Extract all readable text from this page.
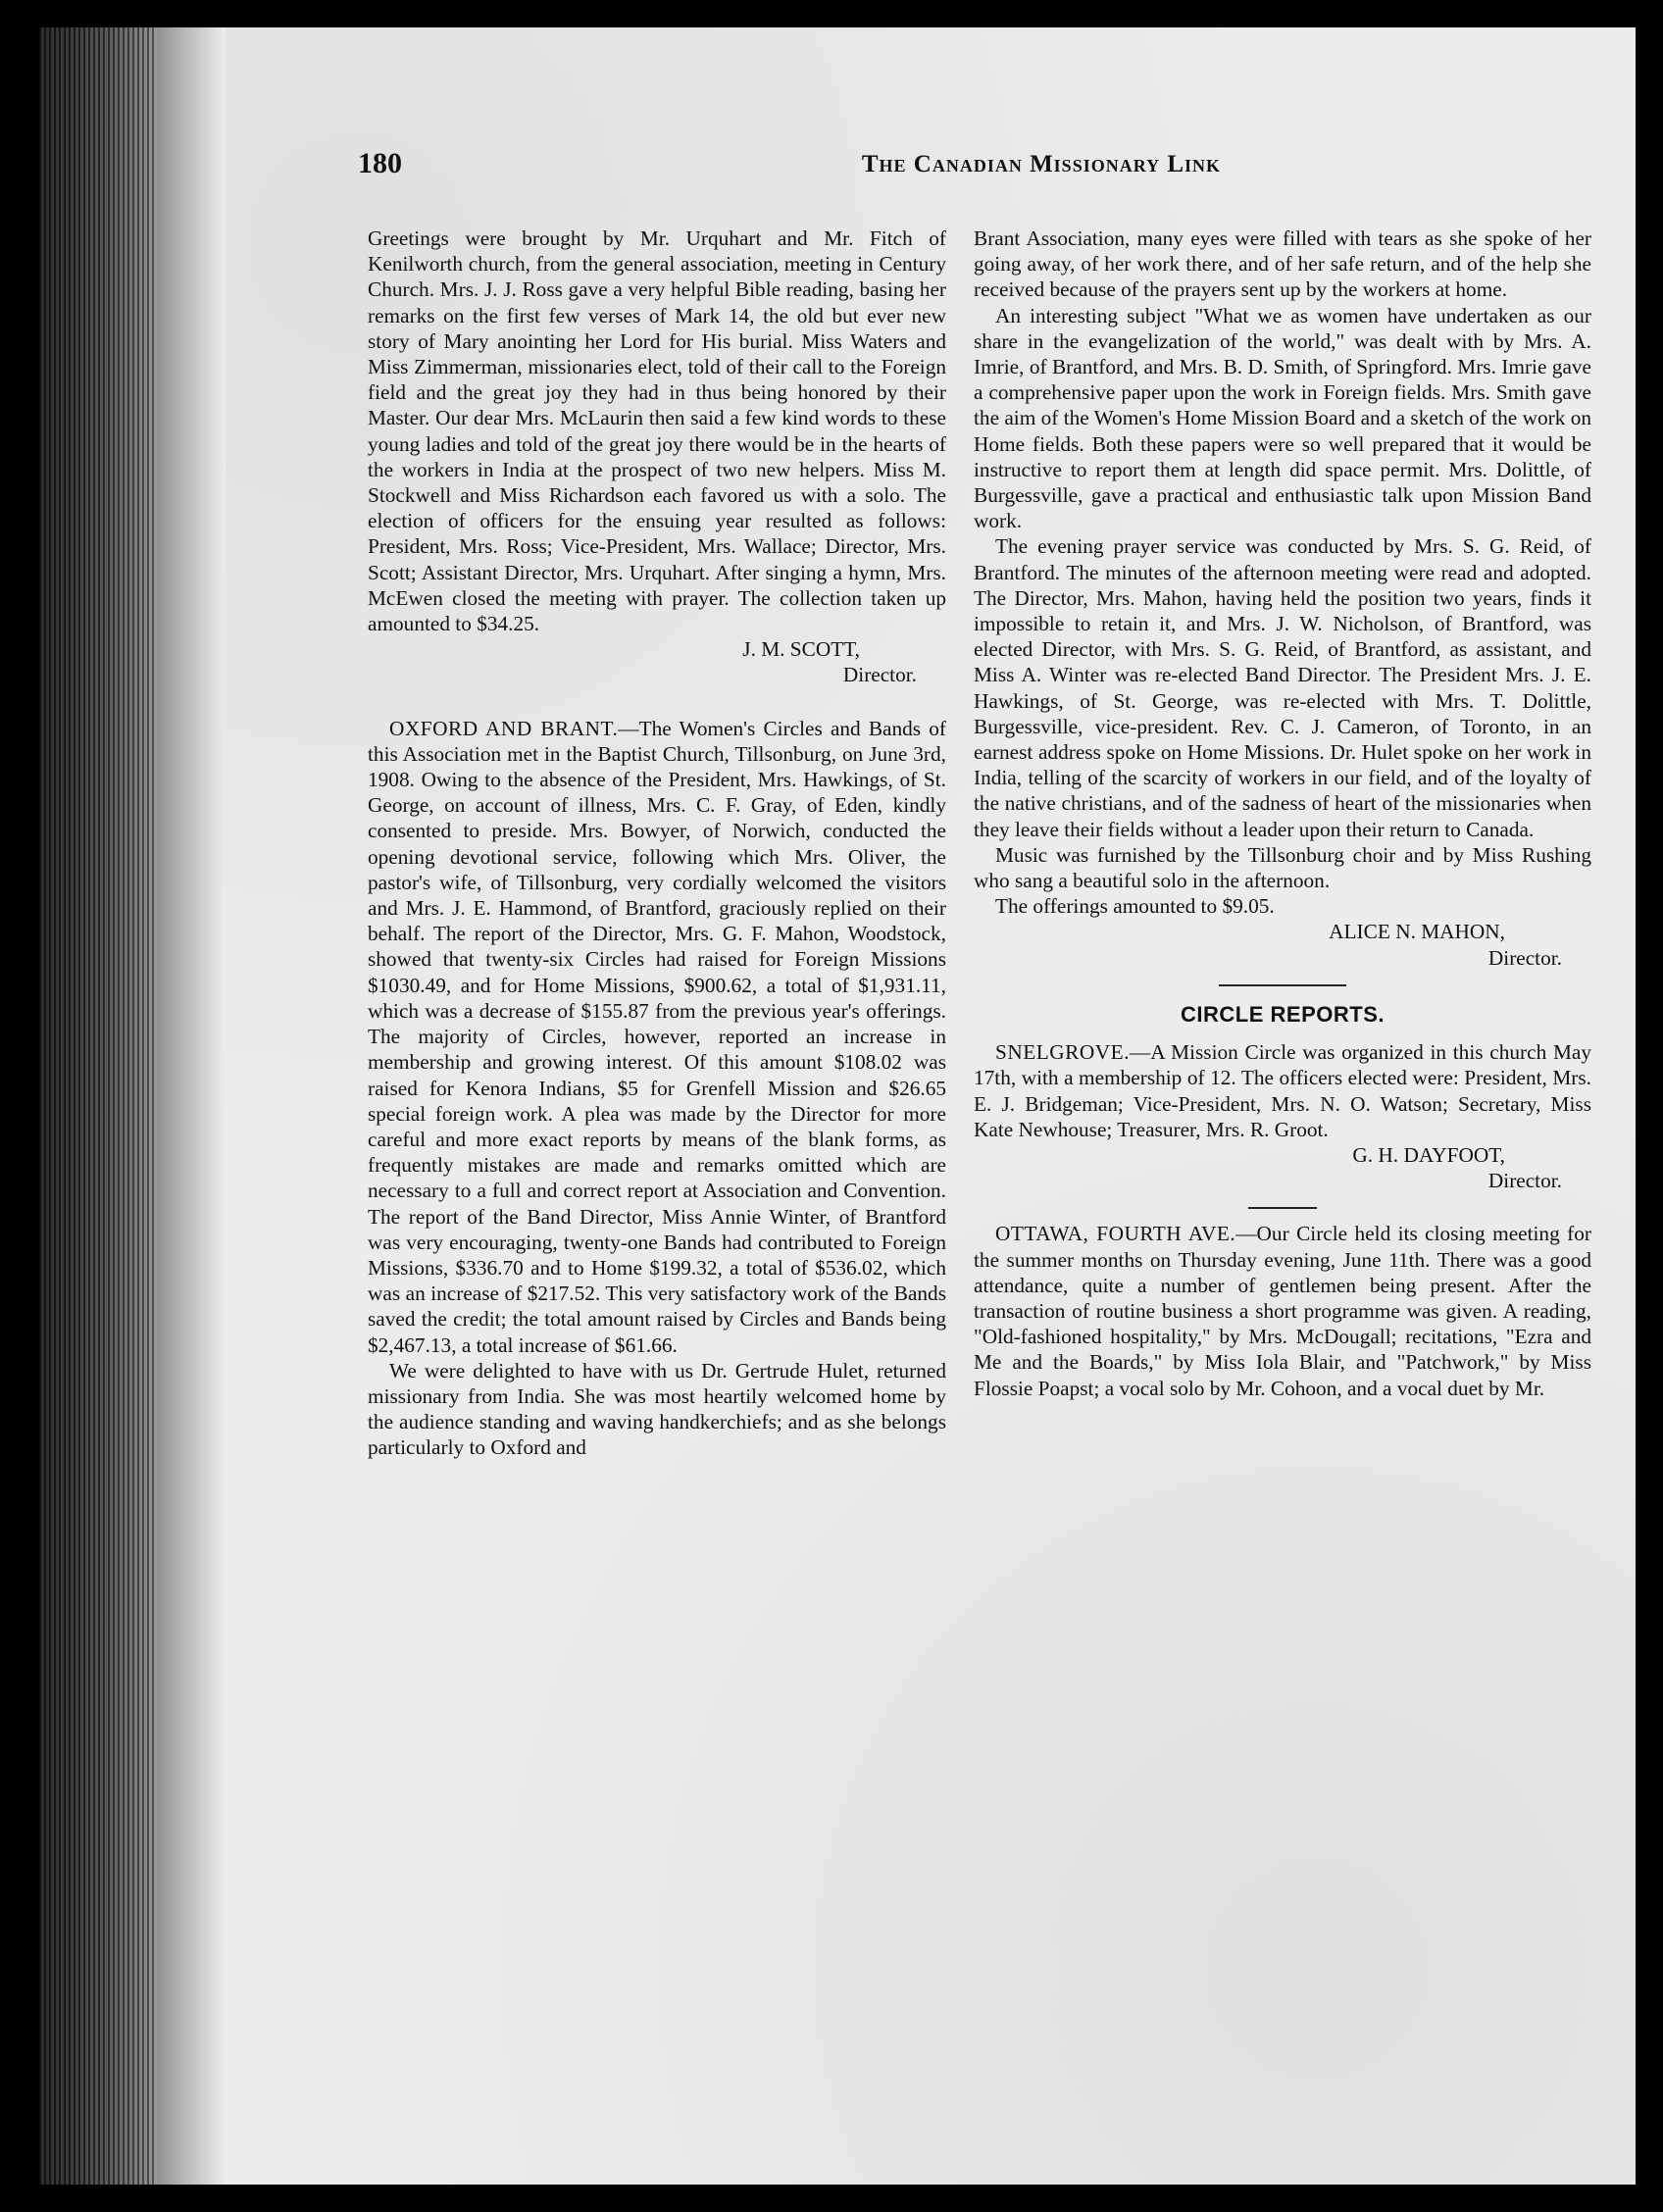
180	The Canadian Missionary Link

Greetings were brought by Mr. Urquhart and Mr. Fitch of Kenilworth church, from the general association, meeting in Century Church. Mrs. J. J. Ross gave a very helpful Bible reading, basing her remarks on the first few verses of Mark 14, the old but ever new story of Mary anointing her Lord for His burial. Miss Waters and Miss Zimmerman, missionaries elect, told of their call to the Foreign field and the great joy they had in thus being honored by their Master. Our dear Mrs. McLaurin then said a few kind words to these young ladies and told of the great joy there would be in the hearts of the workers in India at the prospect of two new helpers. Miss M. Stockwell and Miss Richardson each favored us with a solo. The election of officers for the ensuing year resulted as follows: President, Mrs. Ross; Vice-President, Mrs. Wallace; Director, Mrs. Scott; Assistant Director, Mrs. Urquhart. After singing a hymn, Mrs. McEwen closed the meeting with prayer. The collection taken up amounted to $34.25.

J. M. SCOTT,

Director.

OXFORD AND BRANT.—The Women's Circles and Bands of this Association met in the Baptist Church, Tillsonburg, on June 3rd, 1908. Owing to the absence of the President, Mrs. Hawkings, of St. George, on account of illness, Mrs. C. F. Gray, of Eden, kindly consented to preside. Mrs. Bowyer, of Norwich, conducted the opening devotional service, following which Mrs. Oliver, the pastor's wife, of Tillsonburg, very cordially welcomed the visitors and Mrs. J. E. Hammond, of Brantford, graciously replied on their behalf. The report of the Director, Mrs. G. F. Mahon, Woodstock, showed that twenty-six Circles had raised for Foreign Missions $1030.49, and for Home Missions, $900.62, a total of $1,931.11, which was a decrease of $155.87 from the previous year's offerings. The majority of Circles, however, reported an increase in membership and growing interest. Of this amount $108.02 was raised for Kenora Indians, $5 for Grenfell Mission and $26.65 special foreign work. A plea was made by the Director for more careful and more exact reports by means of the blank forms, as frequently mistakes are made and remarks omitted which are necessary to a full and correct report at Association and Convention. The report of the Band Director, Miss Annie Winter, of Brantford was very encouraging, twenty-one Bands had contributed to Foreign Missions, $336.70 and to Home $199.32, a total of $536.02, which was an increase of $217.52. This very satisfactory work of the Bands saved the credit; the total amount raised by Circles and Bands being $2,467.13, a total increase of $61.66.

We were delighted to have with us Dr. Gertrude Hulet, returned missionary from India. She was most heartily welcomed home by the audience standing and waving handkerchiefs; and as she belongs particularly to Oxford and

Brant Association, many eyes were filled with tears as she spoke of her going away, of her work there, and of her safe return, and of the help she received because of the prayers sent up by the workers at home.

An interesting subject "What we as women have undertaken as our share in the evangelization of the world," was dealt with by Mrs. A. Imrie, of Brantford, and Mrs. B. D. Smith, of Springford. Mrs. Imrie gave a comprehensive paper upon the work in Foreign fields. Mrs. Smith gave the aim of the Women's Home Mission Board and a sketch of the work on Home fields. Both these papers were so well prepared that it would be instructive to report them at length did space permit. Mrs. Dolittle, of Burgessville, gave a practical and enthusiastic talk upon Mission Band work.

The evening prayer service was conducted by Mrs. S. G. Reid, of Brantford. The minutes of the afternoon meeting were read and adopted. The Director, Mrs. Mahon, having held the position two years, finds it impossible to retain it, and Mrs. J. W. Nicholson, of Brantford, was elected Director, with Mrs. S. G. Reid, of Brantford, as assistant, and Miss A. Winter was re-elected Band Director. The President Mrs. J. E. Hawkings, of St. George, was re-elected with Mrs. T. Dolittle, Burgessville, vice-president. Rev. C. J. Cameron, of Toronto, in an earnest address spoke on Home Missions. Dr. Hulet spoke on her work in India, telling of the scarcity of workers in our field, and of the loyalty of the native christians, and of the sadness of heart of the missionaries when they leave their fields without a leader upon their return to Canada.

Music was furnished by the Tillsonburg choir and by Miss Rushing who sang a beautiful solo in the afternoon.

The offerings amounted to $9.05.

ALICE N. MAHON,

Director.

CIRCLE REPORTS.

SNELGROVE.—A Mission Circle was organized in this church May 17th, with a membership of 12. The officers elected were: President, Mrs. E. J. Bridgeman; Vice-President, Mrs. N. O. Watson; Secretary, Miss Kate Newhouse; Treasurer, Mrs. R. Groot.

G. H. DAYFOOT,

Director.

OTTAWA, FOURTH AVE.—Our Circle held its closing meeting for the summer months on Thursday evening, June 11th. There was a good attendance, quite a number of gentlemen being present. After the transaction of routine business a short programme was given. A reading, "Old-fashioned hospitality," by Mrs. McDougall; recitations, "Ezra and Me and the Boards," by Miss Iola Blair, and "Patchwork," by Miss Flossie Poapst; a vocal solo by Mr. Cohoon, and a vocal duet by Mr.
